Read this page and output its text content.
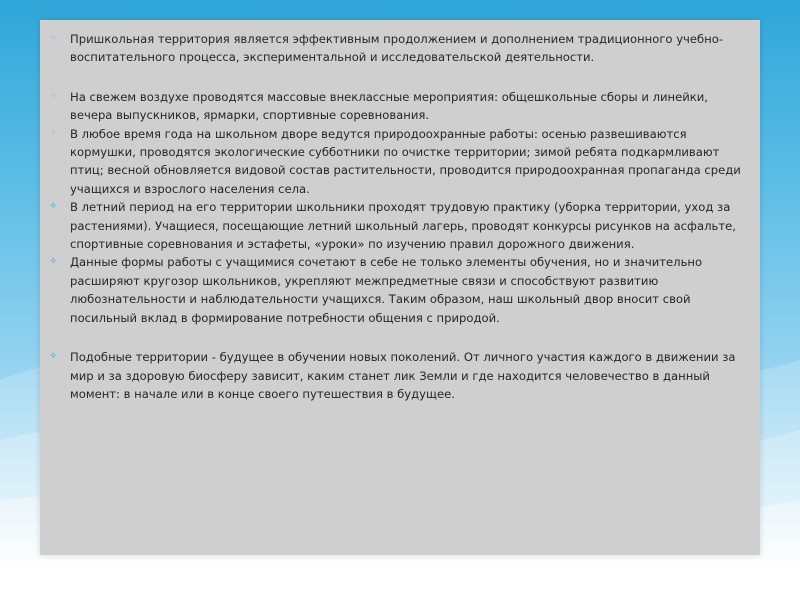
✧ Пришкольная территория является эффективным продолжением и дополнением традиционного учебно-воспитательного процесса, экспериментальной и исследовательской деятельности.
✧ На свежем воздухе проводятся массовые внеклассные мероприятия: общешкольные сборы и линейки, вечера выпускников, ярмарки, спортивные соревнования.
✧ В любое время года на школьном дворе ведутся природоохранные работы: осенью развешиваются кормушки, проводятся экологические субботники по очистке территории; зимой ребята подкармливают птиц; весной обновляется видовой состав растительности, проводится природоохранная пропаганда среди учащихся и взрослого населения села.
✧ В летний период на его территории школьники проходят трудовую практику (уборка территории, уход за растениями). Учащиеся, посещающие летний школьный лагерь, проводят конкурсы рисунков на асфальте, спортивные соревнования и эстафеты, «уроки» по изучению правил дорожного движения.
✧ Данные формы работы с учащимися сочетают в себе не только элементы обучения, но и значительно расширяют кругозор школьников, укрепляют межпредметные связи и способствуют развитию любознательности и наблюдательности учащихся. Таким образом, наш школьный двор вносит свой посильный вклад в формирование потребности общения с природой.
✧ Подобные территории - будущее в обучении новых поколений. От личного участия каждого в движении за мир и за здоровую биосферу зависит, каким станет лик Земли и где находится человечество в данный момент: в начале или в конце своего путешествия в будущее.
